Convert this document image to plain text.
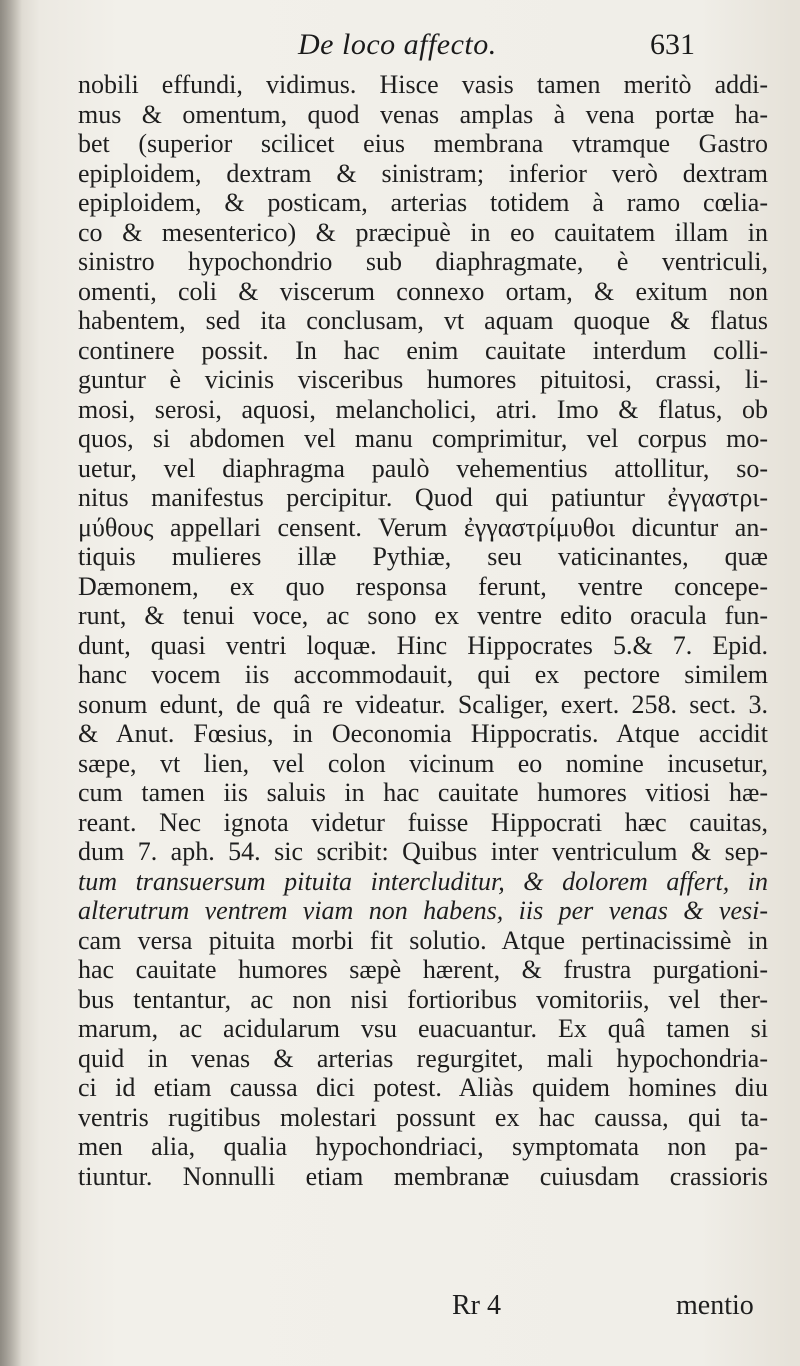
De loco affecto.	631
nobili effundi, vidimus. Hisce vasis tamen meritò addi-
mus & omentum, quod venas amplas à vena portæ ha-
bet (superior scilicet eius membrana vtramque Gastro
epiploidem, dextram & sinistram; inferior verò dextram
epiploidem, & posticam, arterias totidem à ramo cœlia-
co & mesenterico) & præcipuè in eo cauitatem illam in
sinistro hypochondrio sub diaphragmate, è ventriculi,
omenti, coli & viscerum connexo ortam, & exitum non
habentem, sed ita conclusam, vt aquam quoque & flatus
continere possit. In hac enim cauitate interdum colli-
guntur è vicinis visceribus humores pituitosi, crassi, li-
mosi, serosi, aquosi, melancholici, atri. Imo & flatus, ob
quos, si abdomen vel manu comprimitur, vel corpus mo-
uetur, vel diaphragma paulò vehementius attollitur, so-
nitus manifestus percipitur. Quod qui patiuntur ἐγγαστρι-
μύθους appellari censent. Verum ἐγγαστρίμυθοι dicuntur an-
tiquis mulieres illæ Pythiæ, seu vaticinantes, quæ
Dæmonem, ex quo responsa ferunt, ventre concepe-
runt, & tenui voce, ac sono ex ventre edito oracula fun-
dunt, quasi ventri loquæ. Hinc Hippocrates 5.& 7. Epid.
hanc vocem iis accommodauit, qui ex pectore similem
sonum edunt, de quâ re videatur. Scaliger, exert. 258. sect. 3.
& Anut. Fœsius, in Oeconomia Hippocratis. Atque accidit
sæpe, vt lien, vel colon vicinum eo nomine incusetur,
cum tamen iis saluis in hac cauitate humores vitiosi hæ-
reant. Nec ignota videtur fuisse Hippocrati hæc cauitas,
dum 7. aph. 54. sic scribit: Quibus inter ventriculum & sep-
tum transuersum pituita intercluditur, & dolorem affert, in
alterutrum ventrem viam non habens, iis per venas & vesi-
cam versa pituita morbi fit solutio. Atque pertinacissimè in
hac cauitate humores sæpè hærent, & frustra purgationi-
bus tentantur, ac non nisi fortioribus vomitoriis, vel ther-
marum, ac acidularum vsu euacuantur. Ex quâ tamen si
quid in venas & arterias regurgitet, mali hypochondria-
ci id etiam caussa dici potest. Aliàs quidem homines diu
ventris rugitibus molestari possunt ex hac caussa, qui ta-
men alia, qualia hypochondriaci, symptomata non pa-
tiuntur. Nonnulli etiam membranæ cuiusdam crassioris
Rr 4	mentio
